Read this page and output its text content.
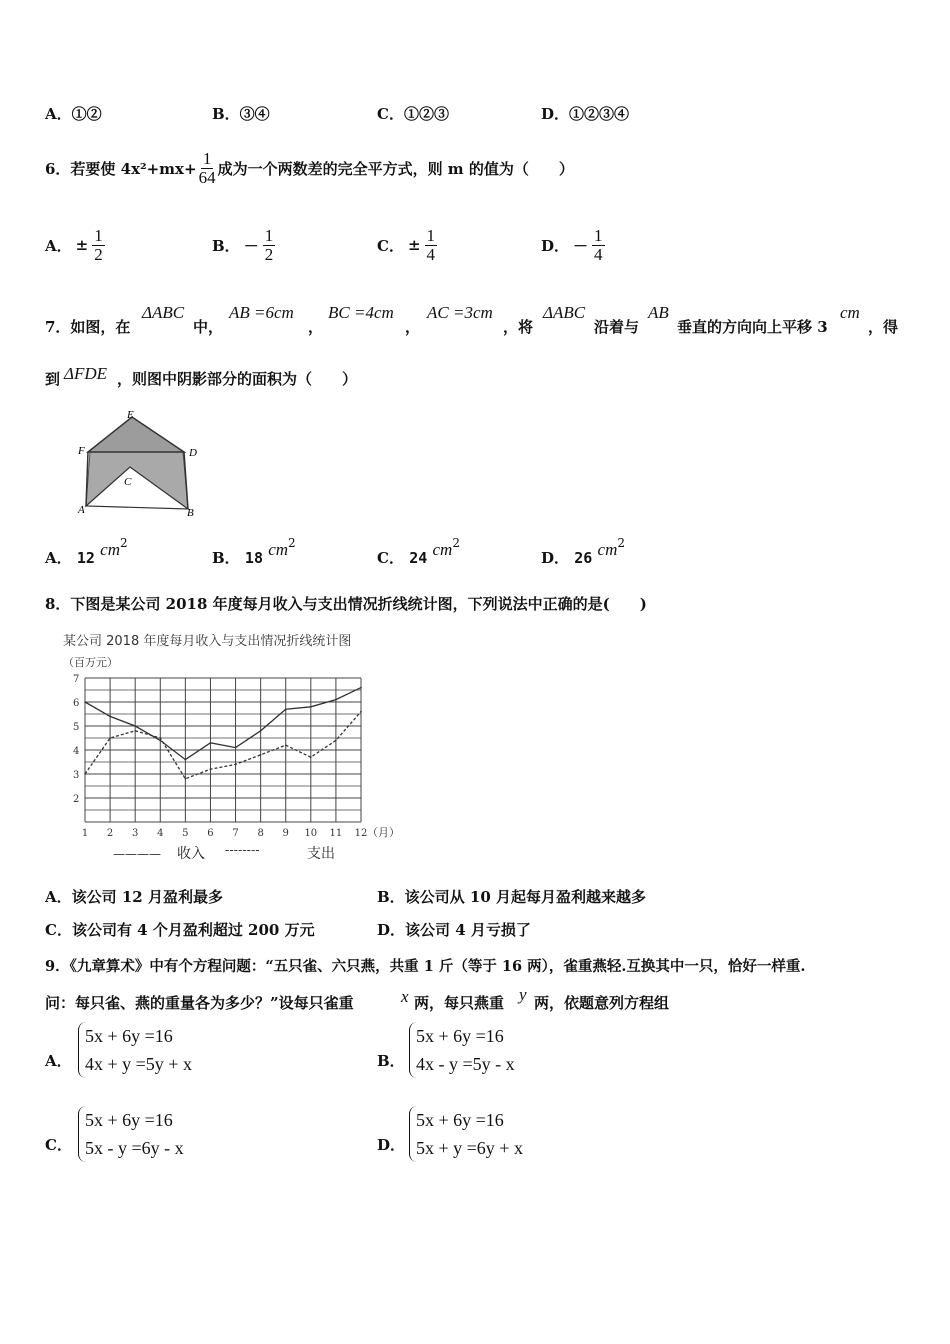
A．①②	B．③④	C．①②③	D．①②③④
6．若要使 $4x^2+mx+ \frac{1}{64}$ 成为一个两数差的完全平方式，则 m 的值为（　　）
A． ± $\frac{1}{2}$	B． － $\frac{1}{2}$	C． ± $\frac{1}{4}$	D． － $\frac{1}{4}$
7．如图，在
ΔABC
中，
AB =6cm
，
BC =4cm
，
AC =3cm
，将
ΔABC
沿着与
AB
垂直的方向向上平移 3
cm
，得
到 ΔFDE ，则图中阴影部分的面积为（　　）
E
F	D
C
A	B
A． 12 $cm^2$
B． 18 $cm^2$
C． 24 $cm^2$
D． 26 $cm^2$
8．下图是某公司 2018 年度每月收入与支出情况折线统计图，下列说法中正确的是(　　)
某公司 2018 年度每月收入与支出情况折线统计图
（百万元）
2
3
4
5
6
7
1 2 3 4 5 6 7 8 9 10 11 12 （月）
———— 收入 --------	支出
A．该公司 12 月盈利最多	B．该公司从 10 月起每月盈利越来越多
C．该公司有 4 个月盈利超过 200 万元	D．该公司 4 月亏损了
9．《九章算术》中有个方程问题：“五只雀、六只燕，共重 1 斤（等于 16 两），雀重燕轻.互换其中一只，恰好一样重.
问：每只雀、燕的重量各为多少？”设每只雀重	x 两，每只燕重 y 两，依题意列方程组
A．
5x + 6y =16
4x + y =5y + x	B．
5x + 6y =16
4x - y =5y - x
C．
5x + 6y =16
5x - y =6y - x	D．
5x + 6y =16
5x + y =6y + x
